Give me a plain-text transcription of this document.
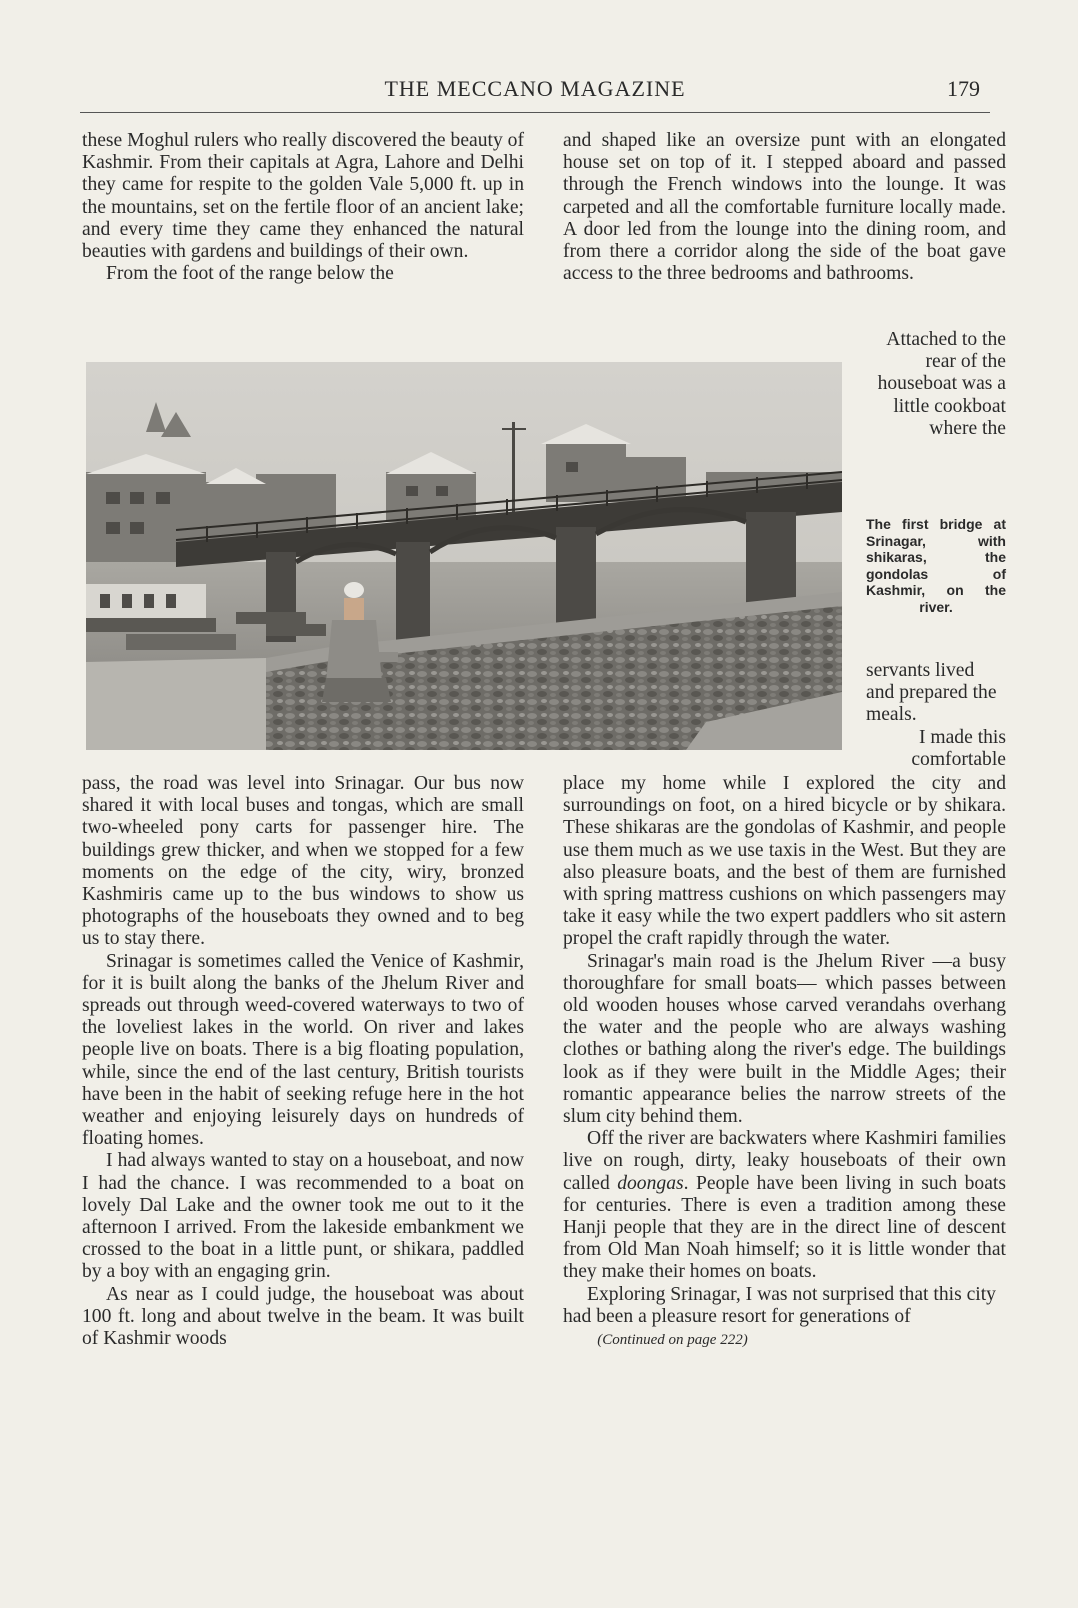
THE MECCANO MAGAZINE	179

these Moghul rulers who really discovered the beauty of Kashmir. From their capitals at Agra, Lahore and Delhi they came for respite to the golden Vale 5,000 ft. up in the mountains, set on the fertile floor of an ancient lake; and every time they came they enhanced the natural beauties with gardens and buildings of their own.

From the foot of the range below the

and shaped like an oversize punt with an elongated house set on top of it. I stepped aboard and passed through the French windows into the lounge. It was carpeted and all the comfortable furniture locally made. A door led from the lounge into the dining room, and from there a corridor along the side of the boat gave access to the three bedrooms and bathrooms.

Attached to the rear of the houseboat was a little cookboat where the

The first bridge at Srinagar, with shikaras, the gondolas of Kashmir, on the river.

servants lived and prepared the meals.

I made this comfortable

pass, the road was level into Srinagar. Our bus now shared it with local buses and tongas, which are small two-wheeled pony carts for passenger hire. The buildings grew thicker, and when we stopped for a few moments on the edge of the city, wiry, bronzed Kashmiris came up to the bus windows to show us photographs of the houseboats they owned and to beg us to stay there.

Srinagar is sometimes called the Venice of Kashmir, for it is built along the banks of the Jhelum River and spreads out through weed-covered waterways to two of the loveliest lakes in the world. On river and lakes people live on boats. There is a big floating population, while, since the end of the last century, British tourists have been in the habit of seeking refuge here in the hot weather and enjoying leisurely days on hundreds of floating homes.

I had always wanted to stay on a houseboat, and now I had the chance. I was recommended to a boat on lovely Dal Lake and the owner took me out to it the afternoon I arrived. From the lakeside embankment we crossed to the boat in a little punt, or shikara, paddled by a boy with an engaging grin.

As near as I could judge, the houseboat was about 100 ft. long and about twelve in the beam. It was built of Kashmir woods

place my home while I explored the city and surroundings on foot, on a hired bicycle or by shikara. These shikaras are the gondolas of Kashmir, and people use them much as we use taxis in the West. But they are also pleasure boats, and the best of them are furnished with spring mattress cushions on which passengers may take it easy while the two expert paddlers who sit astern propel the craft rapidly through the water.

Srinagar's main road is the Jhelum River —a busy thoroughfare for small boats— which passes between old wooden houses whose carved verandahs overhang the water and the people who are always washing clothes or bathing along the river's edge. The buildings look as if they were built in the Middle Ages; their romantic appearance belies the narrow streets of the slum city behind them.

Off the river are backwaters where Kashmiri families live on rough, dirty, leaky houseboats of their own called doongas. People have been living in such boats for centuries. There is even a tradition among these Hanji people that they are in the direct line of descent from Old Man Noah himself; so it is little wonder that they make their homes on boats.

Exploring Srinagar, I was not surprised that this city had been a pleasure resort for generations of        (Continued on page 222)
